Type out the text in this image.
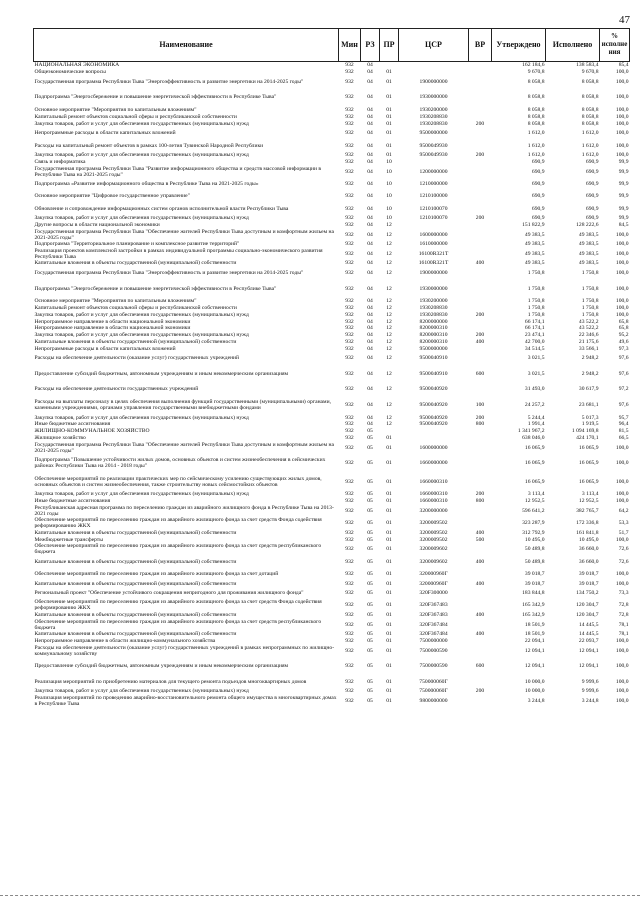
47
Наименование	Мин	РЗ	ПР	ЦСР	ВР	Утверждено	Исполнено	% исполне ния
НАЦИОНАЛЬНАЯ ЭКОНОМИКА	932	04				162 184,6	138 583,4	85,4
Общеэкономические вопросы	932	04	01			9 670,8	9 670,8	100,0
Государственная программа Республики Тыва "Энергоэффективность и развитие энергетики на 2014-2025 годы"	932	04	01	1900000000		8 058,8	8 058,8	100,0
Подпрограмма "Энергосбережение и повышение энергетической эффективности в Республике Тыва"	932	04	01	1930000000		8 058,8	8 058,8	100,0
Основное мероприятие "Мероприятия по капитальным вложениям"	932	04	01	1930200000		8 058,8	8 058,8	100,0
Капитальный ремонт объектов социальной сферы и республиканской собственности	932	04	01	1930208830		8 058,8	8 058,8	100,0
Закупка товаров, работ и услуг для обеспечения государственных (муниципальных) нужд	932	04	01	1930208830	200	8 058,8	8 058,8	100,0
Непрограммные расходы в области капитальных вложений	932	04	01	9500000000		1 612,0	1 612,0	100,0
Расходы на капитальный ремонт объектов в рамках 100-летия Тувинской Народной Республики	932	04	01	9500049930		1 612,0	1 612,0	100,0
Закупка товаров, работ и услуг для обеспечения государственных (муниципальных) нужд	932	04	01	9500049930	200	1 612,0	1 612,0	100,0
Связь и информатика	932	04	10			690,9	690,9	99,9
Государственная программа Республики Тыва "Развитие информационного общества и средств массовой информации в Республике Тыва на 2021-2025 годы"	932	04	10	1200000000		690,9	690,9	99,9
Подпрограмма «Развитие информационного общества в Республике Тыва на 2021-2025 годы»	932	04	10	1210000000		690,9	690,9	99,9
Основное мероприятие "Цифровое государственное управление"	932	04	10	1210100000		690,9	690,9	99,9
Обновление и сопровождение информационных систем органов исполнительной власти Республики Тыва	932	04	10	1210100070		690,9	690,9	99,9
Закупка товаров, работ и услуг для обеспечения государственных (муниципальных) нужд	932	04	10	1210100070	200	690,9	690,9	99,9
Другие вопросы в области национальной экономики	932	04	12			151 822,9	128 222,6	84,5
Государственная программа Республики Тыва "Обеспечение жителей Республики Тыва доступным и комфортным жильем на 2021-2025 годы"	932	04	12	1600000000		49 383,5	49 383,5	100,0
Подпрограмма "Территориальное планирование и комплексное развитие территорий"	932	04	12	1610000000		49 383,5	49 383,5	100,0
Реализация проектов комплексной застройки в рамках индивидуальной программы социально-экономического развития Республики Тыва	932	04	12	16100R321T		49 383,5	49 383,5	100,0
Капитальные вложения в объекты государственной (муниципальной) собственности	932	04	12	16100R321T	400	49 383,5	49 383,5	100,0
Государственная программа Республики Тыва "Энергоэффективность и развитие энергетики на 2014-2025 годы"	932	04	12	1900000000		1 750,8	1 750,8	100,0
Подпрограмма "Энергосбережение и повышение энергетической эффективности в Республике Тыва"	932	04	12	1930000000		1 750,8	1 750,8	100,0
Основное мероприятие "Мероприятия по капитальным вложениям"	932	04	12	1930200000		1 750,8	1 750,8	100,0
Капитальный ремонт объектов социальной сферы и республиканской собственности	932	04	12	1930208830		1 750,8	1 750,8	100,0
Закупка товаров, работ и услуг для обеспечения государственных (муниципальных) нужд	932	04	12	1930208830	200	1 750,8	1 750,8	100,0
Непрограммное направление в области национальной экономики	932	04	12	8200000000		66 174,1	43 522,2	65,8
Непрограммное направление в области национальной экономики	932	04	12	8200000310		66 174,1	43 522,2	65,8
Закупка товаров, работ и услуг для обеспечения государственных (муниципальных) нужд	932	04	12	8200000310	200	23 474,1	22 346,6	95,2
Капитальные вложения в объекты государственной (муниципальной) собственности	932	04	12	8200000310	400	42 700,0	21 175,6	49,6
Непрограммные расходы в области капитальных вложений	932	04	12	9500000000		34 514,5	33 566,1	97,3
Расходы на обеспечение деятельности (оказание услуг) государственных учреждений	932	04	12	9500040910		3 021,5	2 948,2	97,6
Предоставление субсидий бюджетным, автономным учреждениям и иным некоммерческим организациям	932	04	12	9500040910	600	3 021,5	2 948,2	97,6
Расходы на обеспечение деятельности государственных учреждений	932	04	12	9500040920		31 493,0	30 617,9	97,2
Расходы на выплаты персоналу в целях обеспечения выполнения функций государственными (муниципальными) органами, казенными учреждениями, органами управления государственными внебюджетными фондами	932	04	12	9500040920	100	24 257,2	23 681,1	97,6
Закупка товаров, работ и услуг для обеспечения государственных (муниципальных) нужд	932	04	12	9500040920	200	5 244,4	5 017,3	95,7
Иные бюджетные ассигнования	932	04	12	9500040920	800	1 991,4	1 919,5	96,4
ЖИЛИЩНО-КОММУНАЛЬНОЕ ХОЗЯЙСТВО	932	05				1 341 967,2	1 094 169,8	81,5
Жилищное хозяйство	932	05	01			638 046,0	424 170,1	66,5
Государственная программа Республики Тыва "Обеспечение жителей Республики Тыва доступным и комфортным жильем на 2021-2025 годы"	932	05	01	1600000000		16 065,9	16 065,9	100,0
Подпрограмма "Повышение устойчивости жилых домов, основных объектов и систем жизнеобеспечения в сейсмических районах Республики Тыва на 2014 - 2018 годы"	932	05	01	1660000000		16 065,9	16 065,9	100,0
Обеспечение мероприятий по реализации практических мер по сейсмическому усилению существующих жилых домов, основных объектов и систем жизнеобеспечения, также строительству новых сейсмостойких объектов	932	05	01	1660000310		16 065,9	16 065,9	100,0
Закупка товаров, работ и услуг для обеспечения государственных (муниципальных) нужд	932	05	01	1660000310	200	3 113,4	3 113,4	100,0
Иные бюджетные ассигнования	932	05	01	1660000310	800	12 952,5	12 952,5	100,0
Республиканская адресная программа по переселению граждан из аварийного жилищного фонда в Республике Тыва на 2013-2021 годы	932	05	01	3200000000		596 641,2	382 765,7	64,2
Обеспечение мероприятий по переселению граждан из аварийного жилищного фонда за счет средств Фонда содействия реформированию ЖКХ	932	05	01	3200009502		323 287,9	172 336,8	53,3
Капитальные вложения в объекты государственной (муниципальной) собственности	932	05	01	3200009502	400	312 792,9	161 841,8	51,7
Межбюджетные трансферты	932	05	01	3200009502	500	10 495,0	10 495,0	100,0
Обеспечение мероприятий по переселению граждан из аварийного жилищного фонда за счет средств республиканского бюджета	932	05	01	3200009602		50 489,8	36 660,0	72,6
Капитальные вложения в объекты государственной (муниципальной) собственности	932	05	01	3200009602	400	50 489,8	36 660,0	72,6
Обеспечение мероприятий по переселению граждан из аварийного жилищного фонда за счет дотаций	932	05	01	320000960Г		39 018,7	39 018,7	100,0
Капитальные вложения в объекты государственной (муниципальной) собственности	932	05	01	320000960Г	400	39 018,7	39 018,7	100,0
Региональный проект "Обеспечение устойчивого сокращения непригодного для проживания жилищного фонда"	932	05	01	320F300000		183 844,8	134 750,2	73,3
Обеспечение мероприятий по переселению граждан из аварийного жилищного фонда за счет средств Фонда содействия реформированию ЖКХ	932	05	01	320F367483		165 342,9	120 304,7	72,8
Капитальные вложения в объекты государственной (муниципальной) собственности	932	05	01	320F367483	400	165 342,9	120 304,7	72,8
Обеспечение мероприятий по переселению граждан из аварийного жилищного фонда за счет средств республиканского бюджета	932	05	01	320F367484		18 501,9	14 445,5	78,1
Капитальные вложения в объекты государственной (муниципальной) собственности	932	05	01	320F367484	400	18 501,9	14 445,5	78,1
Непрограммное направление в области жилищно-коммунального хозяйства	932	05	01	7500000000		22 094,1	22 093,7	100,0
Расходы на обеспечение деятельности (оказание услуг) государственных учреждений в рамках непрограммных по жилищно-коммунальному хозяйству	932	05	01	7500000590		12 094,1	12 094,1	100,0
Предоставление субсидий бюджетным, автономным учреждениям и иным некоммерческим организациям	932	05	01	7500000590	600	12 094,1	12 094,1	100,0
Реализация мероприятий по приобретению материалов для текущего ремонта подъездов многоквартирных домов	932	05	01	750000060Г		10 000,0	9 999,6	100,0
Закупка товаров, работ и услуг для обеспечения государственных (муниципальных) нужд	932	05	01	750000060Г	200	10 000,0	9 999,6	100,0
Реализация мероприятий по проведению аварийно-восстановительного ремонта общего имущества в многоквартирных домах в Республике Тыва	932	05	01	9800000000		3 244,8	3 244,8	100,0
